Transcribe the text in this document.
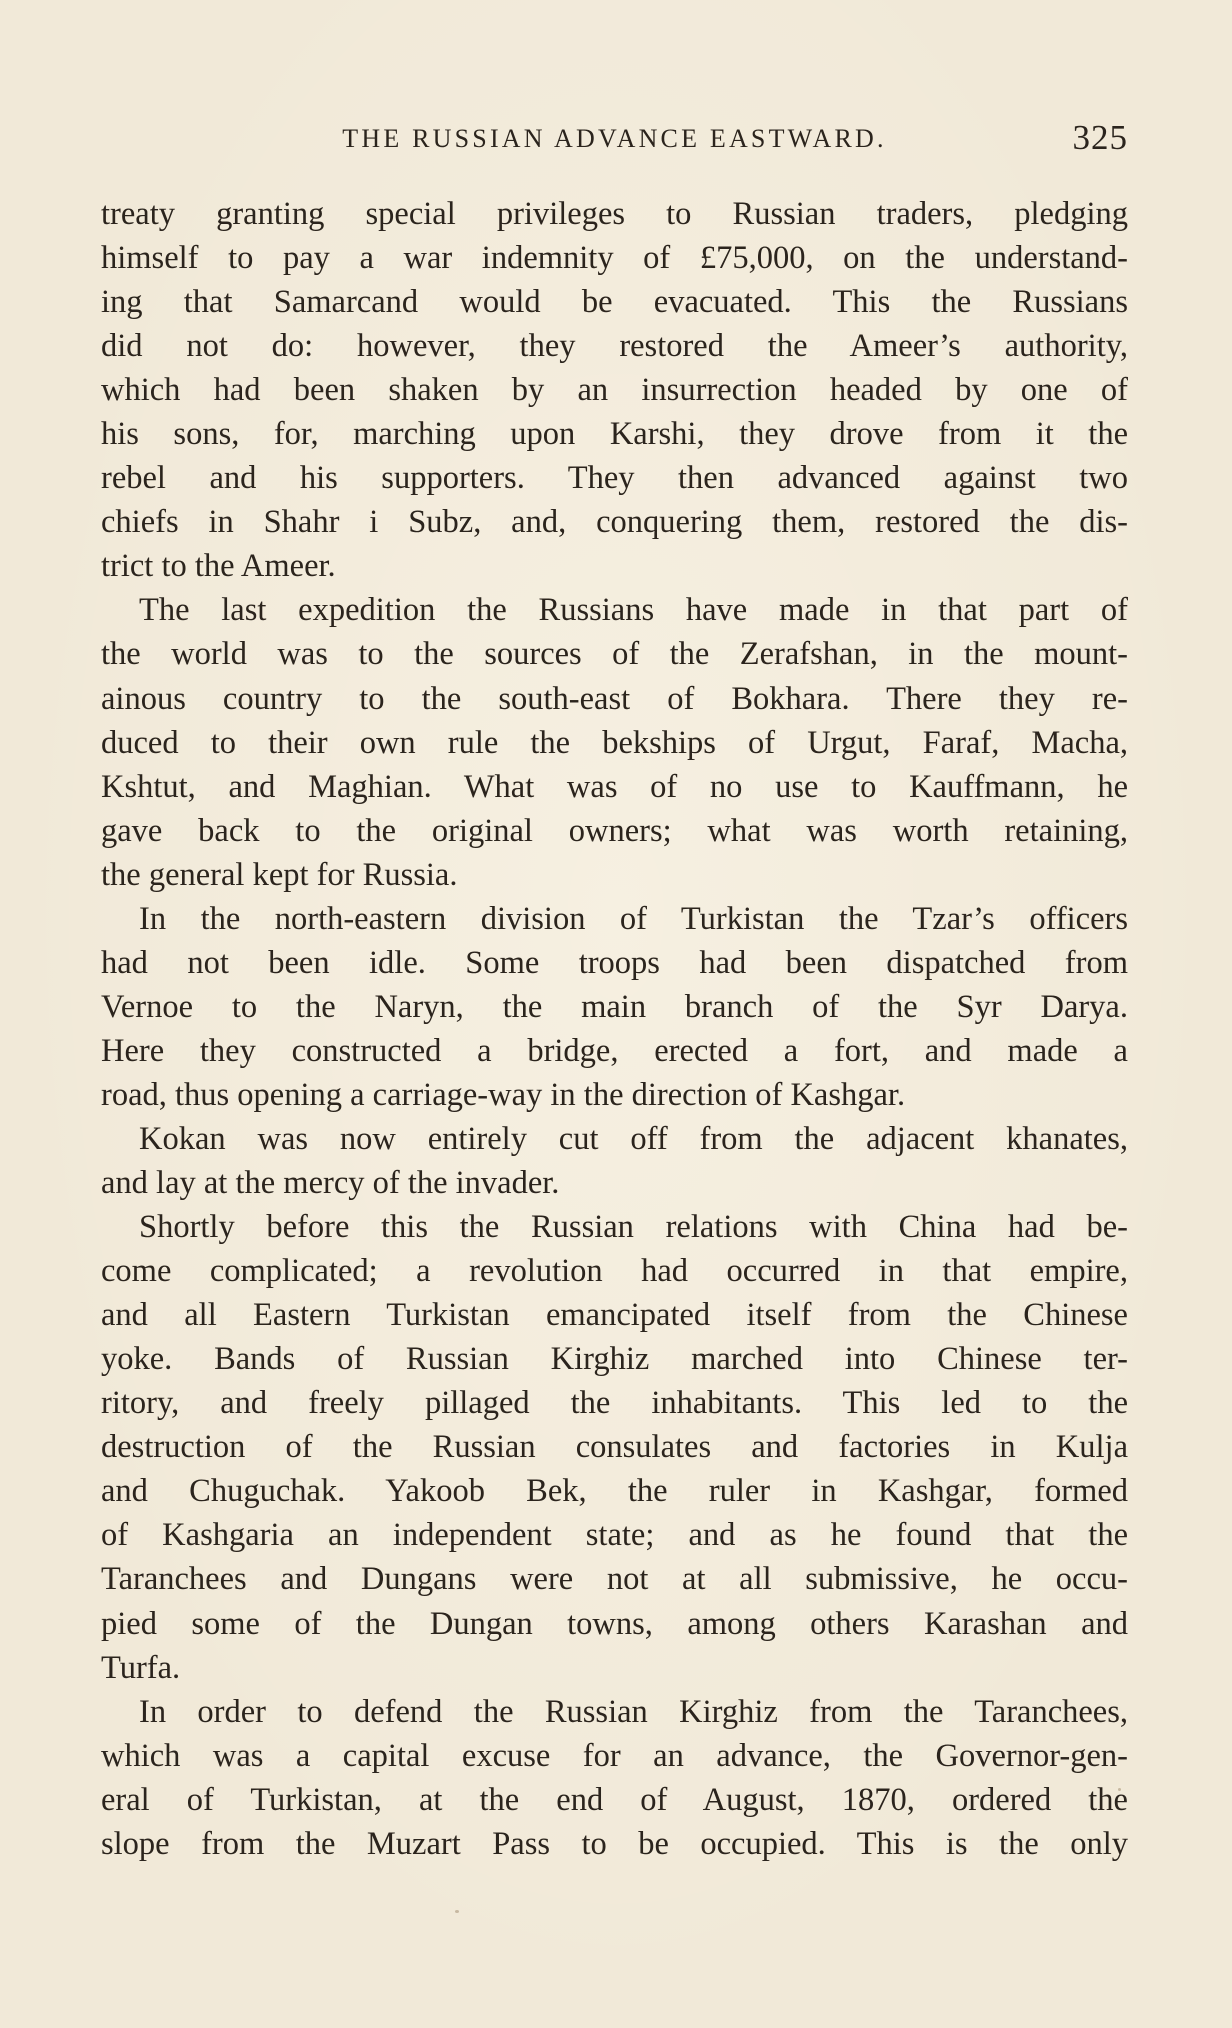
THE RUSSIAN ADVANCE EASTWARD.	325
treaty granting special privileges to Russian traders, pledging
himself to pay a war indemnity of £75,000, on the understand-
ing that Samarcand would be evacuated. This the Russians
did not do: however, they restored the Ameer’s authority,
which had been shaken by an insurrection headed by one of
his sons, for, marching upon Karshi, they drove from it the
rebel and his supporters. They then advanced against two
chiefs in Shahr i Subz, and, conquering them, restored the dis-
trict to the Ameer.
The last expedition the Russians have made in that part of
the world was to the sources of the Zerafshan, in the mount-
ainous country to the south-east of Bokhara. There they re-
duced to their own rule the bekships of Urgut, Faraf, Macha,
Kshtut, and Maghian. What was of no use to Kauffmann, he
gave back to the original owners; what was worth retaining,
the general kept for Russia.
In the north-eastern division of Turkistan the Tzar’s officers
had not been idle. Some troops had been dispatched from
Vernoe to the Naryn, the main branch of the Syr Darya.
Here they constructed a bridge, erected a fort, and made a
road, thus opening a carriage-way in the direction of Kashgar.
Kokan was now entirely cut off from the adjacent khanates,
and lay at the mercy of the invader.
Shortly before this the Russian relations with China had be-
come complicated; a revolution had occurred in that empire,
and all Eastern Turkistan emancipated itself from the Chinese
yoke. Bands of Russian Kirghiz marched into Chinese ter-
ritory, and freely pillaged the inhabitants. This led to the
destruction of the Russian consulates and factories in Kulja
and Chuguchak. Yakoob Bek, the ruler in Kashgar, formed
of Kashgaria an independent state; and as he found that the
Taranchees and Dungans were not at all submissive, he occu-
pied some of the Dungan towns, among others Karashan and
Turfa.
In order to defend the Russian Kirghiz from the Taranchees,
which was a capital excuse for an advance, the Governor-gen-
eral of Turkistan, at the end of August, 1870, ordered the
slope from the Muzart Pass to be occupied. This is the only
